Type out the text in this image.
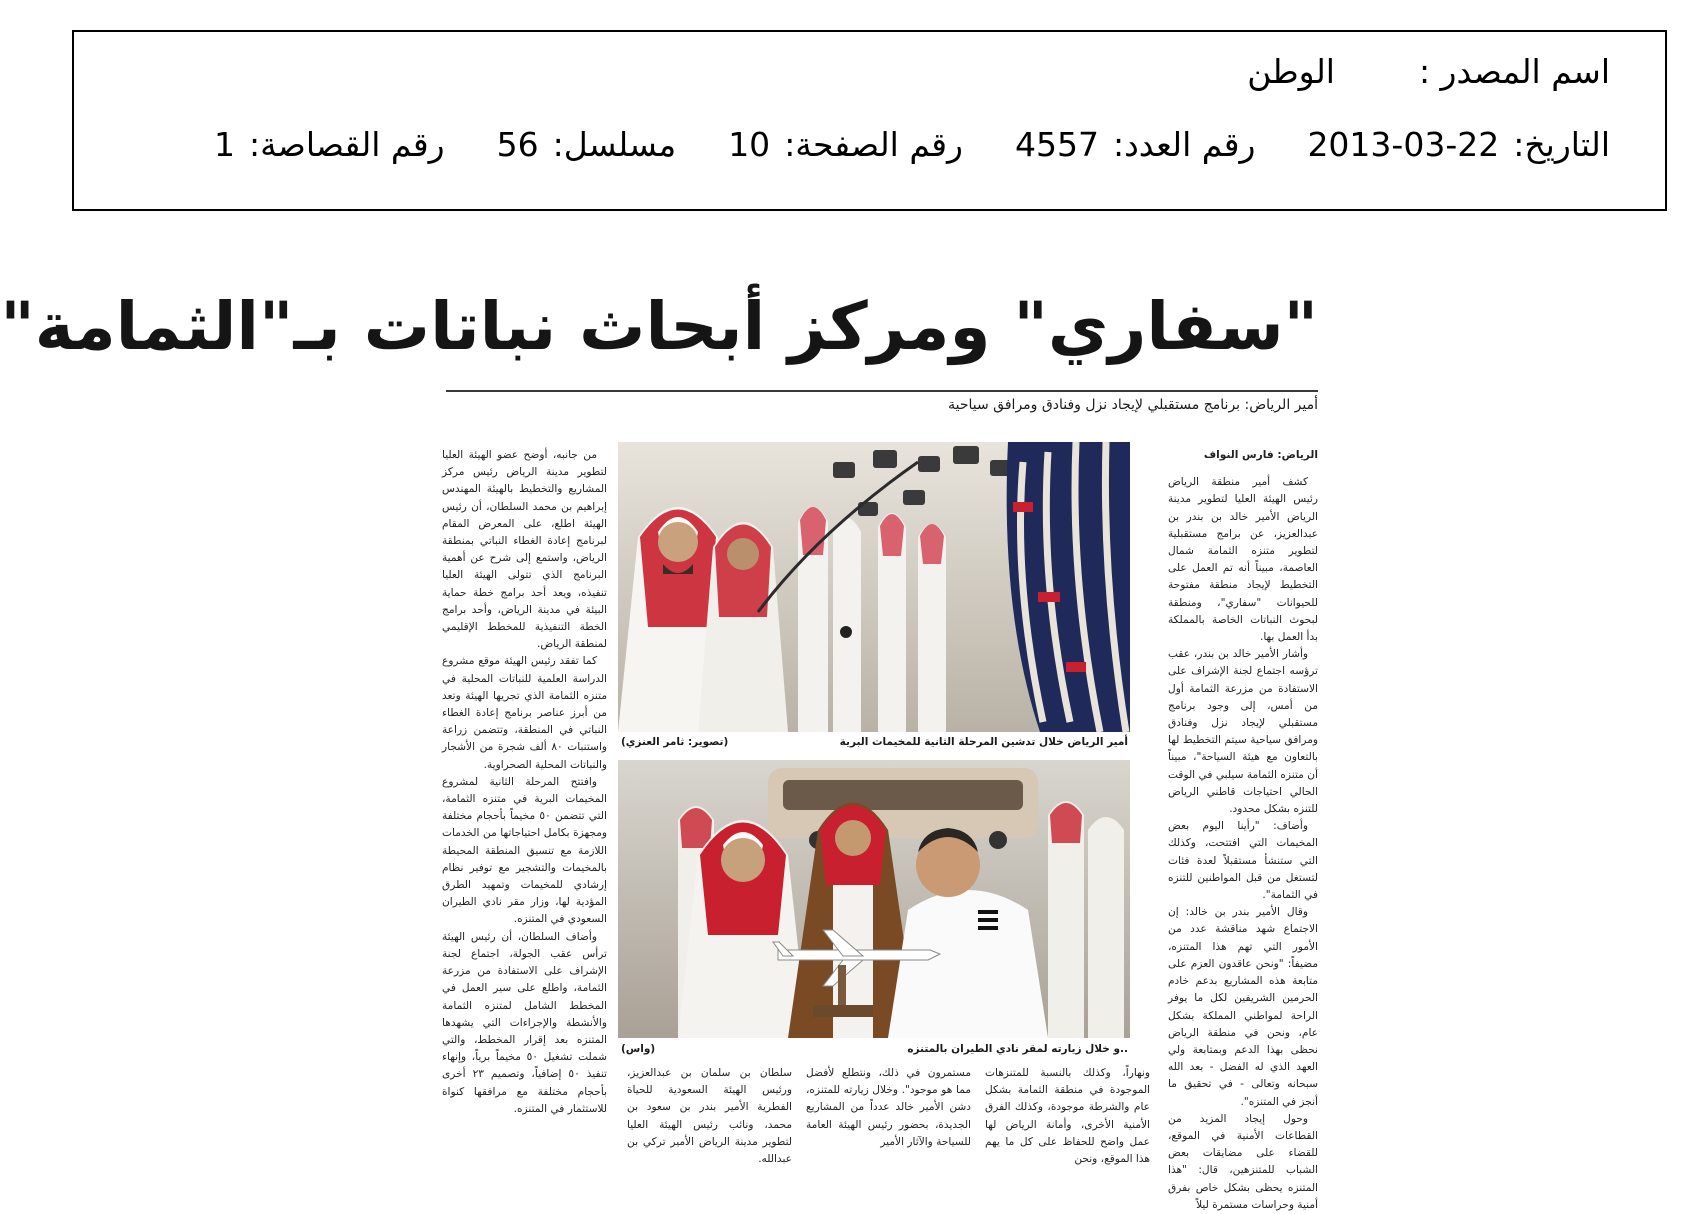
اسم المصدر :
الوطن
التاريخ:
2013-03-22
رقم العدد:
4557
رقم الصفحة:
10
مسلسل:
56
رقم القصاصة:
1
"سفاري" ومركز أبحاث نباتات بـ"الثمامة"
أمير الرياض: برنامج مستقبلي لإيجاد نزل وفنادق ومرافق سياحية

الرياض: فارس النواف

كشف أمير منطقة الرياض رئيس الهيئة العليا لتطوير مدينة الرياض الأمير خالد بن بندر بن عبدالعزيز، عن برامج مستقبلية لتطوير متنزه الثمامة شمال العاصمة، مبيناً أنه تم العمل على التخطيط لإيجاد منطقة مفتوحة للحيوانات "سفاري"، ومنطقة لبحوث النباتات الخاصة بالمملكة بدأ العمل بها.

وأشار الأمير خالد بن بندر، عقب ترؤسه اجتماع لجنة الإشراف على الاستفادة من مزرعة الثمامة أول من أمس، إلى وجود برنامج مستقبلي لإيجاد نزل وفنادق ومرافق سياحية سيتم التخطيط لها بالتعاون مع هيئة السياحة"، مبيناً أن متنزه الثمامة سيلبي في الوقت الحالي احتياجات قاطني الرياض للتنزه بشكل محدود.

وأضاف: "رأينا اليوم بعض المخيمات التي افتتحت، وكذلك التي ستنشأ مستقبلاً لعدة فئات لتستغل من قبل المواطنين للتنزه في الثمامة".

وقال الأمير بندر بن خالد: إن الاجتماع شهد مناقشة عدد من الأمور التي تهم هذا المتنزه، مضيفاً: "ونحن عاقدون العزم على متابعة هذه المشاريع بدعم خادم الحرمين الشريفين لكل ما يوفر الراحة لمواطني المملكة بشكل عام، ونحن في منطقة الرياض نحظى بهذا الدعم وبمتابعة ولي العهد الذي له الفضل - بعد الله سبحانه وتعالى - في تحقيق ما أنجز في المتنزه".

وحول إيجاد المزيد من القطاعات الأمنية في الموقع، للقضاء على مضايقات بعض الشباب للمتنزهين، قال: "هذا المتنزه يحظى بشكل خاص بفرق أمنية وحراسات مستمرة ليلاً

من جانبه، أوضح عضو الهيئة العليا لتطوير مدينة الرياض رئيس مركز المشاريع والتخطيط بالهيئة المهندس إبراهيم بن محمد السلطان، أن رئيس الهيئة اطلع، على المعرض المقام لبرنامج إعادة الغطاء النباتي بمنطقة الرياض، واستمع إلى شرح عن أهمية البرنامج الذي تتولى الهيئة العليا تنفيذه، ويعد أحد برامج خطة حماية البيئة في مدينة الرياض، وأحد برامج الخطة التنفيذية للمخطط الإقليمي لمنطقة الرياض.

كما تفقد رئيس الهيئة موقع مشروع الدراسة العلمية للنباتات المحلية في متنزه الثمامة الذي تجريها الهيئة وتعد من أبرز عناصر برنامج إعادة الغطاء النباتي في المنطقة، وتتضمن زراعة واستنبات ٨٠ ألف شجرة من الأشجار والنباتات المحلية الصحراوية.

وافتتح المرحلة الثانية لمشروع المخيمات البرية في متنزه الثمامة، التي تتضمن ٥٠ مخيماً بأحجام مختلفة ومجهزة بكامل احتياجاتها من الخدمات اللازمة مع تنسيق المنطقة المحيطة بالمخيمات والتشجير مع توفير نظام إرشادي للمخيمات وتمهيد الطرق المؤدية لها، وزار مقر نادي الطيران السعودي في المتنزه.

وأضاف السلطان، أن رئيس الهيئة ترأس عقب الجولة، اجتماع لجنة الإشراف على الاستفادة من مزرعة الثمامة، واطلع على سير العمل في المخطط الشامل لمتنزه الثمامة والأنشطة والإجراءات التي يشهدها المتنزه بعد إقرار المخطط، والتي شملت تشغيل ٥٠ مخيماً برياً، وإنهاء تنفيذ ٥٠ إضافياً، وتصميم ٢٣ أخرى بأحجام مختلفة مع مرافقها كنواة للاستثمار في المتنزه.

ونهاراً، وكذلك بالنسبة للمتنزهات الموجودة في منطقة الثمامة بشكل عام والشرطة موجودة، وكذلك الفرق الأمنية الأخرى، وأمانة الرياض لها عمل واضح للحفاظ على كل ما يهم هذا الموقع، ونحن
مستمرون في ذلك، ونتطلع لأفضل مما هو موجود". وخلال زيارته للمتنزه، دشن الأمير خالد عدداً من المشاريع الجديدة، بحضور رئيس الهيئة العامة للسياحة والآثار الأمير
سلطان بن سلمان بن عبدالعزيز، ورئيس الهيئة السعودية للحياة الفطرية الأمير بندر بن سعود بن محمد، ونائب رئيس الهيئة العليا لتطوير مدينة الرياض الأمير تركي بن عبدالله.
أمير الرياض خلال تدشين المرحلة الثانية للمخيمات البرية
(تصوير: ثامر العنزي)
..و خلال زيارته لمقر نادي الطيران بالمتنزه
(واس)
